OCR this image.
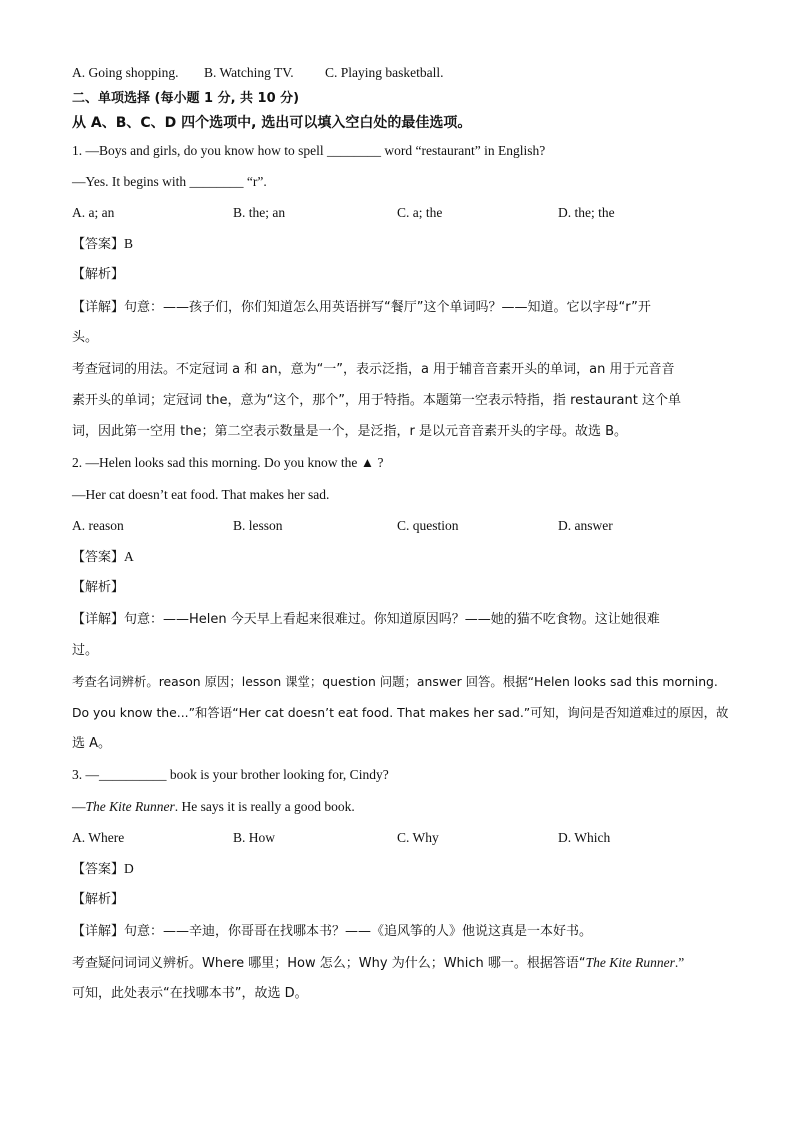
A. Going shopping. B. Watching TV. C. Playing basketball.
二、单项选择 (每小题 1 分, 共 10 分)
从 A、B、C、D 四个选项中, 选出可以填入空白处的最佳选项。
1. —Boys and girls, do you know how to spell ________ word “restaurant” in English?
—Yes. It begins with ________ “r”.
A. a; an	B. the; an	C. a; the	D. the; the
【答案】B
【解析】
【详解】句意：——孩子们，你们知道怎么用英语拼写“餐厅”这个单词吗？——知道。它以字母“r”开
头。
考查冠词的用法。不定冠词 a 和 an，意为“一”，表示泛指，a 用于辅音音素开头的单词，an 用于元音音
素开头的单词；定冠词 the，意为“这个，那个”，用于特指。本题第一空表示特指，指 restaurant 这个单
词，因此第一空用 the；第二空表示数量是一个，是泛指，r 是以元音音素开头的字母。故选 B。
2. —Helen looks sad this morning. Do you know the ▲ ?
—Her cat doesn’t eat food. That makes her sad.
A. reason	B. lesson	C. question	D. answer
【答案】A
【解析】
【详解】句意：——Helen 今天早上看起来很难过。你知道原因吗？——她的猫不吃食物。这让她很难
过。
考查名词辨析。reason 原因；lesson 课堂；question 问题；answer 回答。根据“Helen looks sad this morning.
Do you know the...”和答语“Her cat doesn’t eat food. That makes her sad.”可知，询问是否知道难过的原因，故
选 A。
3. —__________ book is your brother looking for, Cindy?
—The Kite Runner. He says it is really a good book.
A. Where	B. How	C. Why	D. Which
【答案】D
【解析】
【详解】句意：——辛迪，你哥哥在找哪本书？——《追风筝的人》他说这真是一本好书。
考查疑问词词义辨析。Where 哪里；How 怎么；Why 为什么；Which 哪一。根据答语“The Kite Runner.”
可知，此处表示“在找哪本书”，故选 D。
